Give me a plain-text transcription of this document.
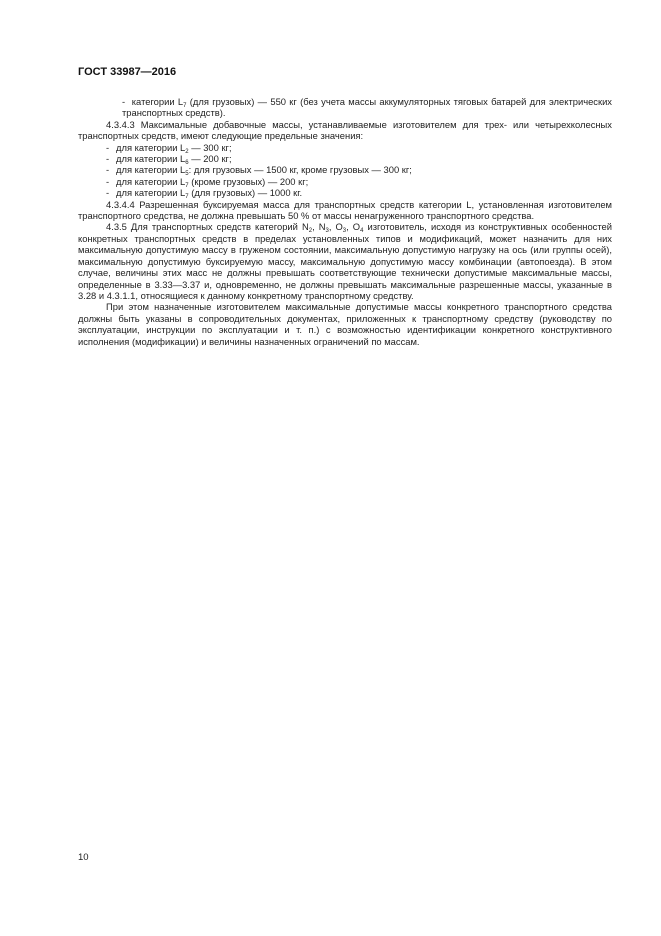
ГОСТ 33987—2016

- категории $L_7$ (для грузовых) — 550 кг (без учета массы аккумуляторных тяговых батарей для электрических транспортных средств).

4.3.4.3 Максимальные добавочные массы, устанавливаемые изготовителем для трех- или четырехколесных транспортных средств, имеют следующие предельные значения:

- для категории $L_2$ — 300 кг;

- для категории $L_6$ — 200 кг;

- для категории $L_5$: для грузовых — 1500 кг, кроме грузовых — 300 кг;

- для категории $L_7$ (кроме грузовых) — 200 кг;

- для категории $L_7$ (для грузовых) — 1000 кг.

4.3.4.4 Разрешенная буксируемая масса для транспортных средств категории L, установленная изготовителем транспортного средства, не должна превышать 50 % от массы ненагруженного транспортного средства.

4.3.5 Для транспортных средств категорий $N_2$, $N_3$, $O_3$, $O_4$ изготовитель, исходя из конструктивных особенностей конкретных транспортных средств в пределах установленных типов и модификаций, может назначить для них максимальную допустимую массу в груженом состоянии, максимальную допустимую нагрузку на ось (или группы осей), максимальную допустимую буксируемую массу, максимальную допустимую массу комбинации (автопоезда). В этом случае, величины этих масс не должны превышать соответствующие технически допустимые максимальные массы, определенные в 3.33—3.37 и, одновременно, не должны превышать максимальные разрешенные массы, указанные в 3.28 и 4.3.1.1, относящиеся к данному конкретному транспортному средству.

При этом назначенные изготовителем максимальные допустимые массы конкретного транспортного средства должны быть указаны в сопроводительных документах, приложенных к транспортному средству (руководству по эксплуатации, инструкции по эксплуатации и т. п.) с возможностью идентификации конкретного конструктивного исполнения (модификации) и величины назначенных ограничений по массам.

10
